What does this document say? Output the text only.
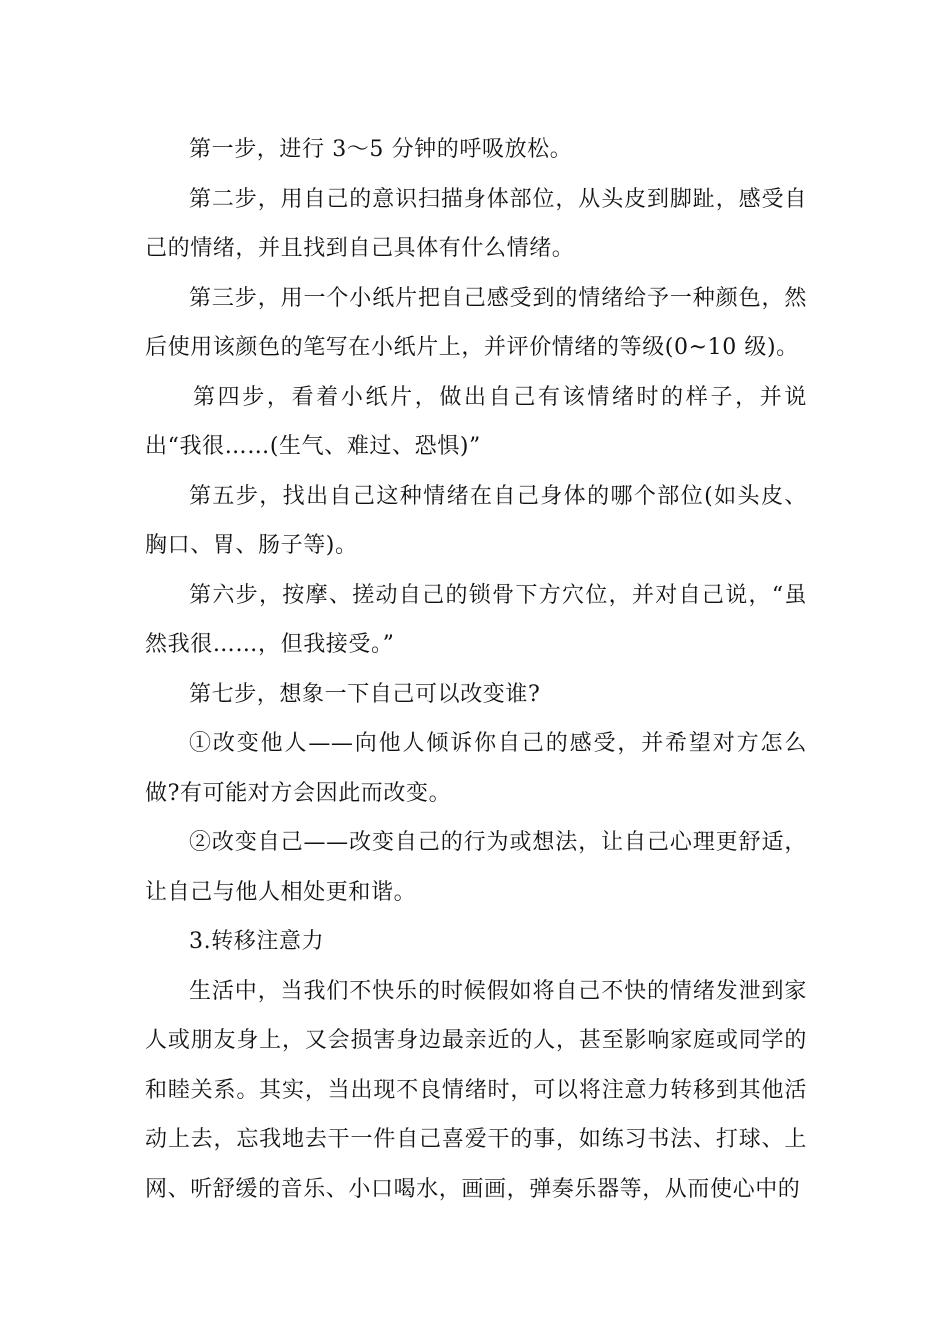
第一步，进行 3～5 分钟的呼吸放松。

第二步，用自己的意识扫描身体部位，从头皮到脚趾，感受自己的情绪，并且找到自己具体有什么情绪。

第三步，用一个小纸片把自己感受到的情绪给予一种颜色，然后使用该颜色的笔写在小纸片上，并评价情绪的等级(0~10 级)。

第四步，看着小纸片，做出自己有该情绪时的样子，并说出“我很……(生气、难过、恐惧)”

第五步，找出自己这种情绪在自己身体的哪个部位(如头皮、胸口、胃、肠子等)。

第六步，按摩、搓动自己的锁骨下方穴位，并对自己说，“虽然我很……，但我接受。”

第七步，想象一下自己可以改变谁?

①改变他人——向他人倾诉你自己的感受，并希望对方怎么做?有可能对方会因此而改变。

②改变自己——改变自己的行为或想法，让自己心理更舒适，让自己与他人相处更和谐。

3.转移注意力

生活中，当我们不快乐的时候假如将自己不快的情绪发泄到家人或朋友身上，又会损害身边最亲近的人，甚至影响家庭或同学的和睦关系。其实，当出现不良情绪时，可以将注意力转移到其他活动上去，忘我地去干一件自己喜爱干的事，如练习书法、打球、上网、听舒缓的音乐、小口喝水，画画，弹奏乐器等，从而使心中的
